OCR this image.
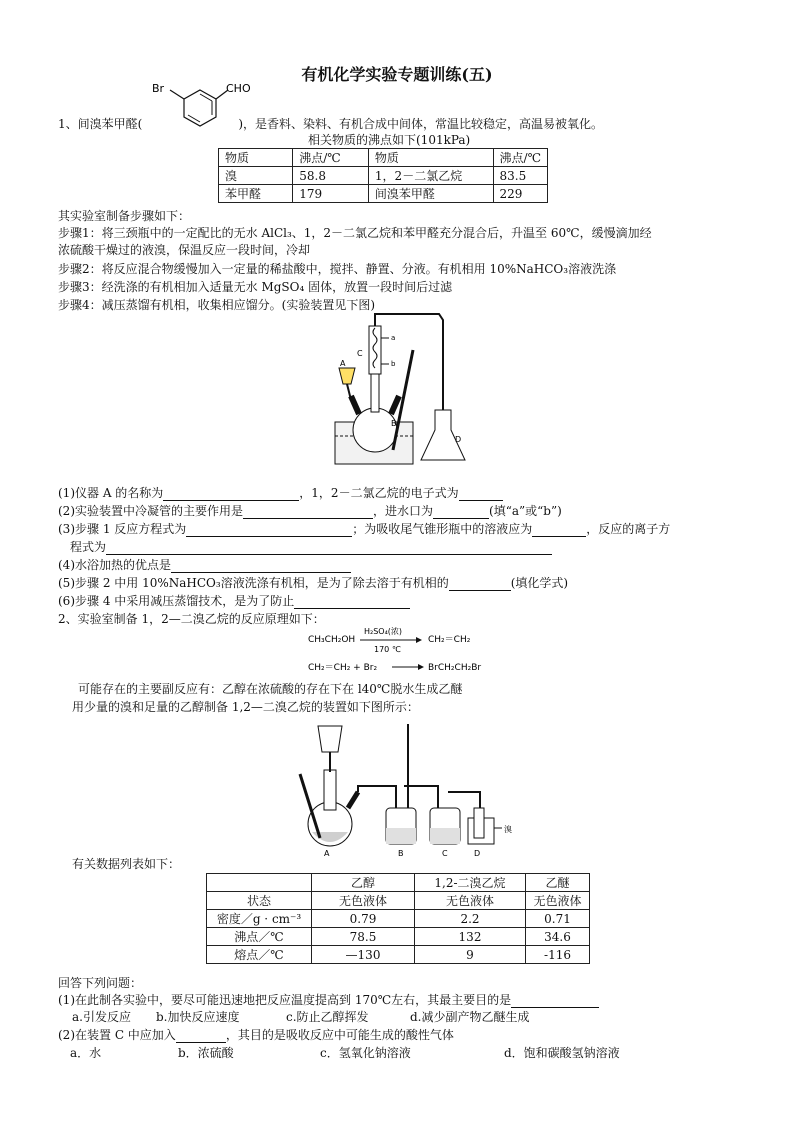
有机化学实验专题训练(五)
Br	CHO
1、间溴苯甲醛(	)，是香料、染料、有机合成中间体，常温比较稳定，高温易被氧化。
相关物质的沸点如下(101kPa)
物质	沸点/℃	物质	沸点/℃
溴	58.8	1，2－二氯乙烷	83.5
苯甲醛	179	间溴苯甲醛	229
其实验室制备步骤如下：
步骤1：将三颈瓶中的一定配比的无水 AlCl₃、1，2－二氯乙烷和苯甲醛充分混合后，升温至 60℃，缓慢滴加经
浓硫酸干燥过的液溴，保温反应一段时间，冷却
步骤2：将反应混合物缓慢加入一定量的稀盐酸中，搅拌、静置、分液。有机相用 10%NaHCO₃溶液洗涤
步骤3：经洗涤的有机相加入适量无水 MgSO₄ 固体，放置一段时间后过滤
步骤4：减压蒸馏有机相，收集相应馏分。(实验装置见下图)
A
a
b
C
B
D
(1)仪器 A 的名称为	，1，2－二氯乙烷的电子式为
(2)实验装置中冷凝管的主要作用是	，进水口为	(填“a”或“b”)
(3)步骤 1 反应方程式为	；为吸收尾气锥形瓶中的溶液应为	，反应的离子方
程式为
(4)水浴加热的优点是
(5)步骤 2 中用 10%NaHCO₃溶液洗涤有机相，是为了除去溶于有机相的	(填化学式)
(6)步骤 4 中采用减压蒸馏技术，是为了防止
2、实验室制备 1，2—二溴乙烷的反应原理如下：
CH₃CH₂OH
H₂SO₄(浓)
170 ℃
CH₂＝CH₂
CH₂＝CH₂ + Br₂	BrCH₂CH₂Br
可能存在的主要副反应有：乙醇在浓硫酸的存在下在 l40℃脱水生成乙醚
用少量的溴和足量的乙醇制备 1,2—二溴乙烷的装置如下图所示：
A	B	C
溴
D
有关数据列表如下：
	乙醇	1,2-二溴乙烷	乙醚
状态	无色液体	无色液体	无色液体
密度／g · cm⁻³	0.79	2.2	0.71
沸点／℃	78.5	132	34.6
熔点／℃	—130	9	-116
回答下列问题：
(1)在此制各实验中，要尽可能迅速地把反应温度提高到 170℃左右，其最主要目的是
a.引发反应 b.加快反应速度	c.防止乙醇挥发	d.减少副产物乙醚生成
(2)在装置 C 中应加入	，其目的是吸收反应中可能生成的酸性气体
a．水	b．浓硫酸	c．氢氧化钠溶液	d．饱和碳酸氢钠溶液
